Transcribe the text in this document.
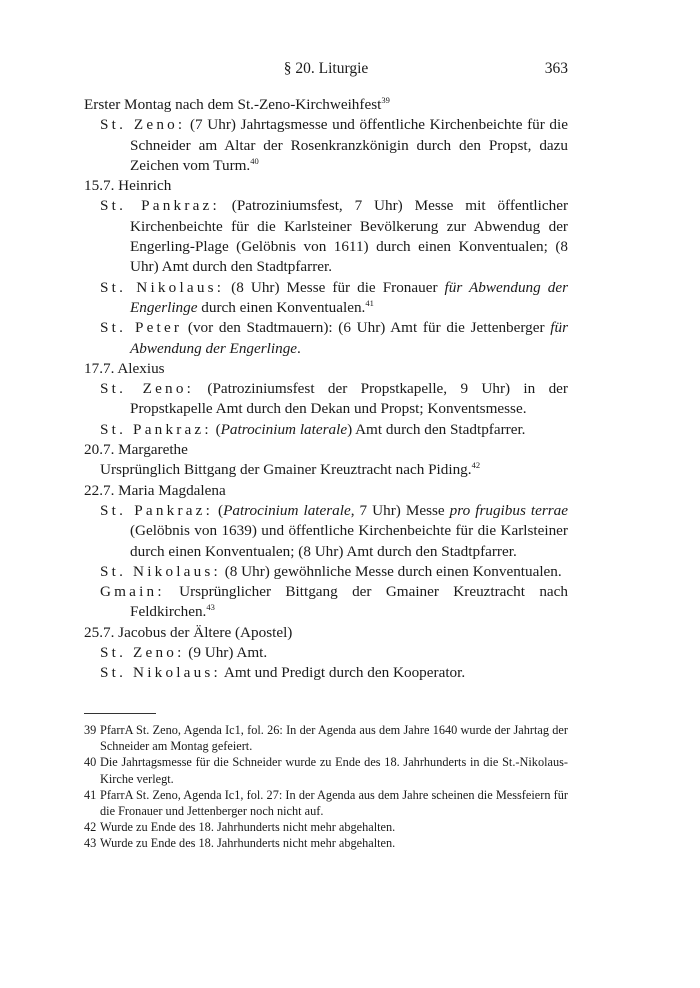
§ 20. Liturgie	363
Erster Montag nach dem St.-Zeno-Kirchweihfest$^{39}$
St. Zeno: (7 Uhr) Jahrtagsmesse und öffentliche Kirchenbeichte für die Schneider am Altar der Rosenkranzkönigin durch den Propst, dazu Zeichen vom Turm.$^{40}$
15.7. Heinrich
St. Pankraz: (Patroziniumsfest, 7 Uhr) Messe mit öffentlicher Kirchenbeichte für die Karlsteiner Bevölkerung zur Abwendug der Engerling-Plage (Gelöbnis von 1611) durch einen Konventualen; (8 Uhr) Amt durch den Stadtpfarrer.
St. Nikolaus: (8 Uhr) Messe für die Fronauer für Abwendung der Engerlinge durch einen Konventualen.$^{41}$
St. Peter (vor den Stadtmauern): (6 Uhr) Amt für die Jettenberger für Abwendung der Engerlinge.
17.7. Alexius
St. Zeno: (Patroziniumsfest der Propstkapelle, 9 Uhr) in der Propstkapelle Amt durch den Dekan und Propst; Konventsmesse.
St. Pankraz: (Patrocinium laterale) Amt durch den Stadtpfarrer.
20.7. Margarethe
Ursprünglich Bittgang der Gmainer Kreuztracht nach Piding.$^{42}$
22.7. Maria Magdalena
St. Pankraz: (Patrocinium laterale, 7 Uhr) Messe pro frugibus terrae (Gelöbnis von 1639) und öffentliche Kirchenbeichte für die Karlsteiner durch einen Konventualen; (8 Uhr) Amt durch den Stadtpfarrer.
St. Nikolaus: (8 Uhr) gewöhnliche Messe durch einen Konventualen.
Gmain: Ursprünglicher Bittgang der Gmainer Kreuztracht nach Feldkirchen.$^{43}$
25.7. Jacobus der Ältere (Apostel)
St. Zeno: (9 Uhr) Amt.
St. Nikolaus: Amt und Predigt durch den Kooperator.
39 PfarrA St. Zeno, Agenda Ic1, fol. 26: In der Agenda aus dem Jahre 1640 wurde der Jahrtag der Schneider am Montag gefeiert.
40 Die Jahrtagsmesse für die Schneider wurde zu Ende des 18. Jahrhunderts in die St.-Nikolaus-Kirche verlegt.
41 PfarrA St. Zeno, Agenda Ic1, fol. 27: In der Agenda aus dem Jahre scheinen die Messfeiern für die Fronauer und Jettenberger noch nicht auf.
42 Wurde zu Ende des 18. Jahrhunderts nicht mehr abgehalten.
43 Wurde zu Ende des 18. Jahrhunderts nicht mehr abgehalten.
